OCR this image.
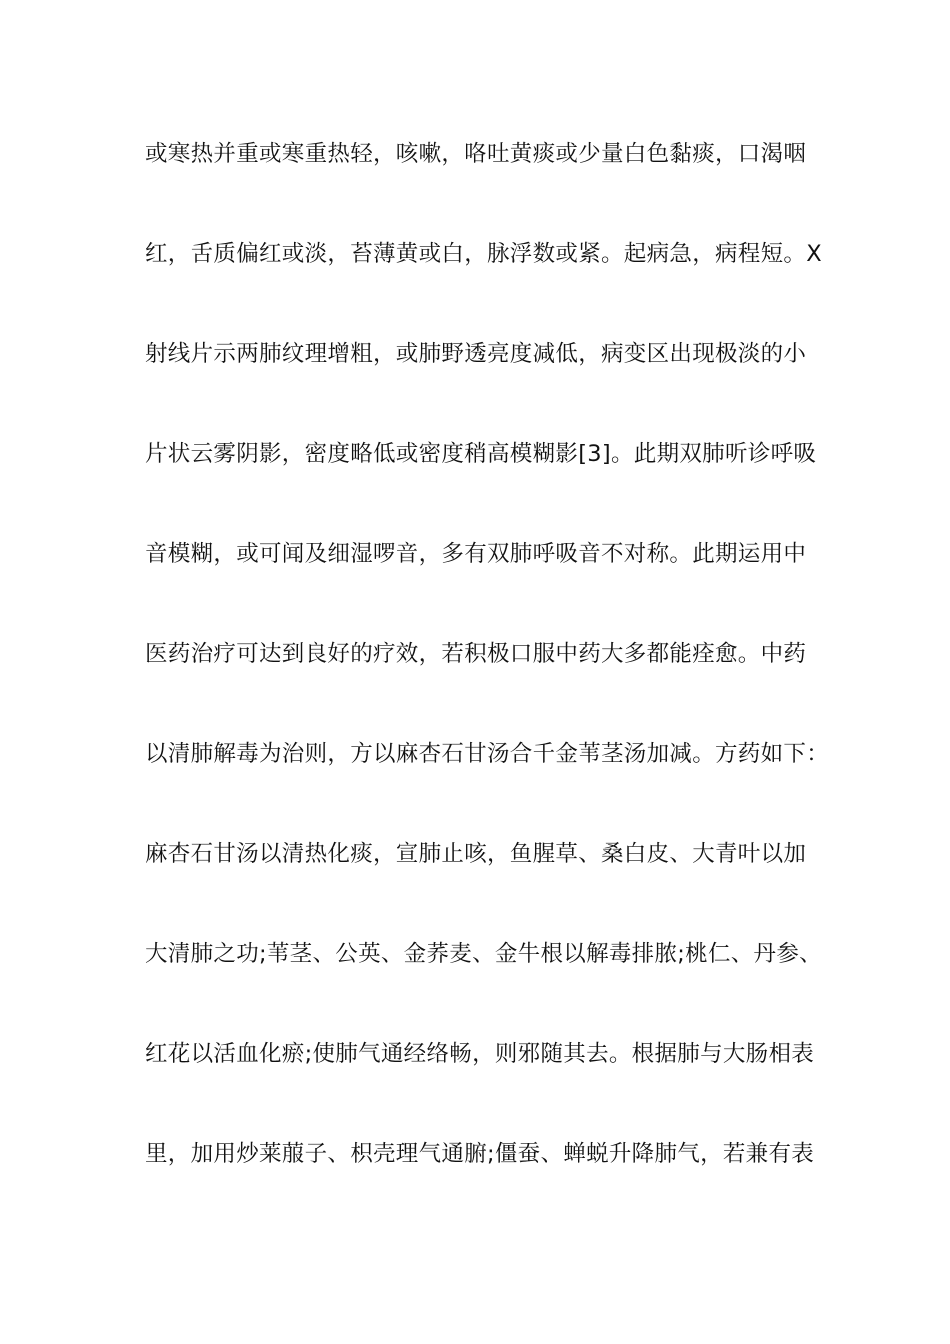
或寒热并重或寒重热轻，咳嗽，咯吐黄痰或少量白色黏痰，口渴咽
红，舌质偏红或淡，苔薄黄或白，脉浮数或紧。起病急，病程短。X
射线片示两肺纹理增粗，或肺野透亮度减低，病变区出现极淡的小
片状云雾阴影，密度略低或密度稍高模糊影[3]。此期双肺听诊呼吸
音模糊，或可闻及细湿啰音，多有双肺呼吸音不对称。此期运用中
医药治疗可达到良好的疗效，若积极口服中药大多都能痊愈。中药
以清肺解毒为治则，方以麻杏石甘汤合千金苇茎汤加减。方药如下：
麻杏石甘汤以清热化痰，宣肺止咳，鱼腥草、桑白皮、大青叶以加
大清肺之功;苇茎、公英、金荞麦、金牛根以解毒排脓;桃仁、丹参、
红花以活血化瘀;使肺气通经络畅，则邪随其去。根据肺与大肠相表
里，加用炒莱菔子、枳壳理气通腑;僵蚕、蝉蜕升降肺气，若兼有表
